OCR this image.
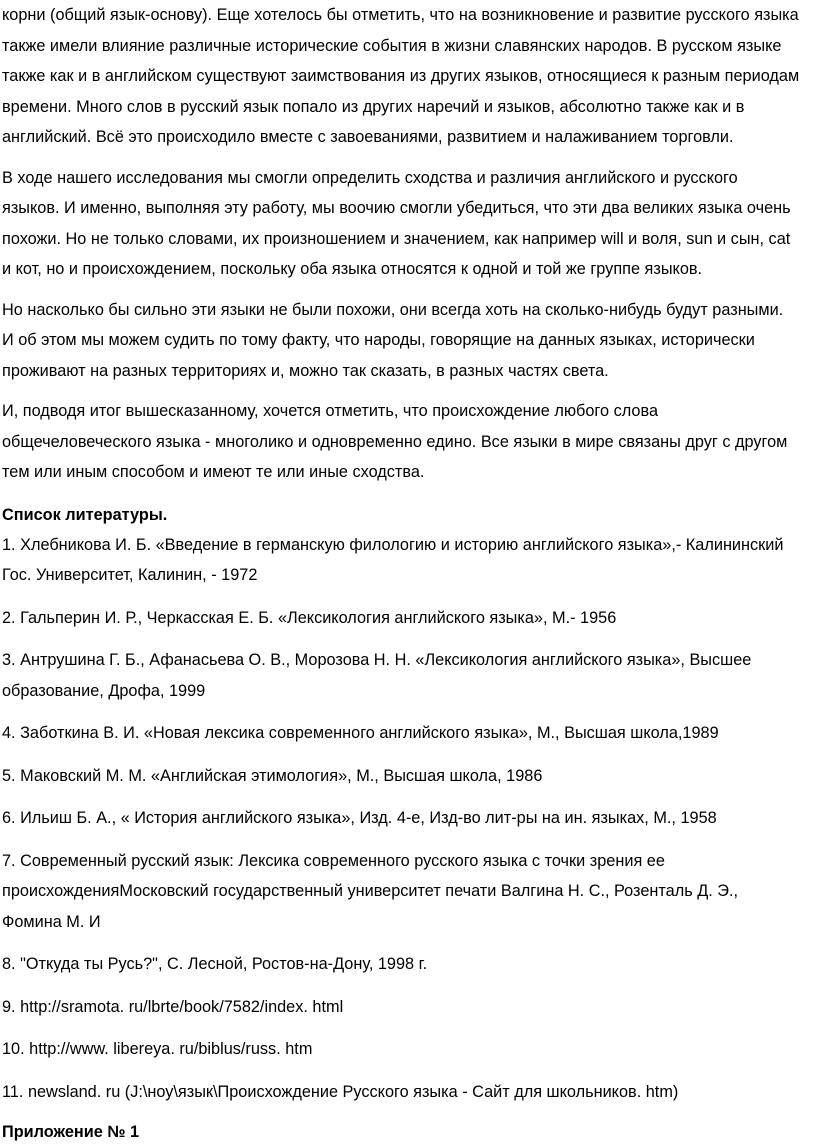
корни (общий язык-основу). Еще хотелось бы отметить, что на возникновение и развитие русского языка
также имели влияние различные исторические события в жизни славянских народов. В русском языке
также как и в английском существуют заимствования из других языков, относящиеся к разным периодам
времени. Много слов в русский язык попало из других наречий и языков, абсолютно также как и в
английский. Всё это происходило вместе с завоеваниями, развитием и налаживанием торговли.
В ходе нашего исследования мы смогли определить сходства и различия английского и русского
языков. И именно, выполняя эту работу, мы воочию смогли убедиться, что эти два великих языка очень
похожи. Но не только словами, их произношением и значением, как например will и воля, sun и сын, cat
и кот, но и происхождением, поскольку оба языка относятся к одной и той же группе языков.
Но насколько бы сильно эти языки не были похожи, они всегда хоть на сколько-нибудь будут разными.
И об этом мы можем судить по тому факту, что народы, говорящие на данных языках, исторически
проживают на разных территориях и, можно так сказать, в разных частях света.
И, подводя итог вышесказанному, хочется отметить, что происхождение любого слова
общечеловеческого языка - многолико и одновременно едино. Все языки в мире связаны друг с другом
тем или иным способом и имеют те или иные сходства.
Список литературы.
1. Хлебникова И. Б. «Введение в германскую филологию и историю английского языка»,- Калининский
Гос. Университет, Калинин, - 1972
2. Гальперин И. Р., Черкасская Е. Б. «Лексикология английского языка», М.- 1956
3. Антрушина Г. Б., Афанасьева О. В., Морозова Н. Н. «Лексикология английского языка», Высшее
образование, Дрофа, 1999
4. Заботкина В. И. «Новая лексика современного английского языка», М., Высшая школа,1989
5. Маковский М. М. «Английская этимология», М., Высшая школа, 1986
6. Ильиш Б. А., « История английского языка», Изд. 4-е, Изд-во лит-ры на ин. языках, М., 1958
7. Современный русский язык: Лексика современного русского языка с точки зрения ее
происхожденияМосковский государственный университет печати Валгина Н. С., Розенталь Д. Э.,
Фомина М. И
8. "Откуда ты Русь?", С. Лесной, Ростов-на-Дону, 1998 г.
9. http://sramota. ru/lbrte/book/7582/index. html
10. http://www. libereya. ru/biblus/russ. htm
11. newsland. ru (J:\ноу\язык\Происхождение Русского языка - Сайт для школьников. htm)
Приложение № 1
